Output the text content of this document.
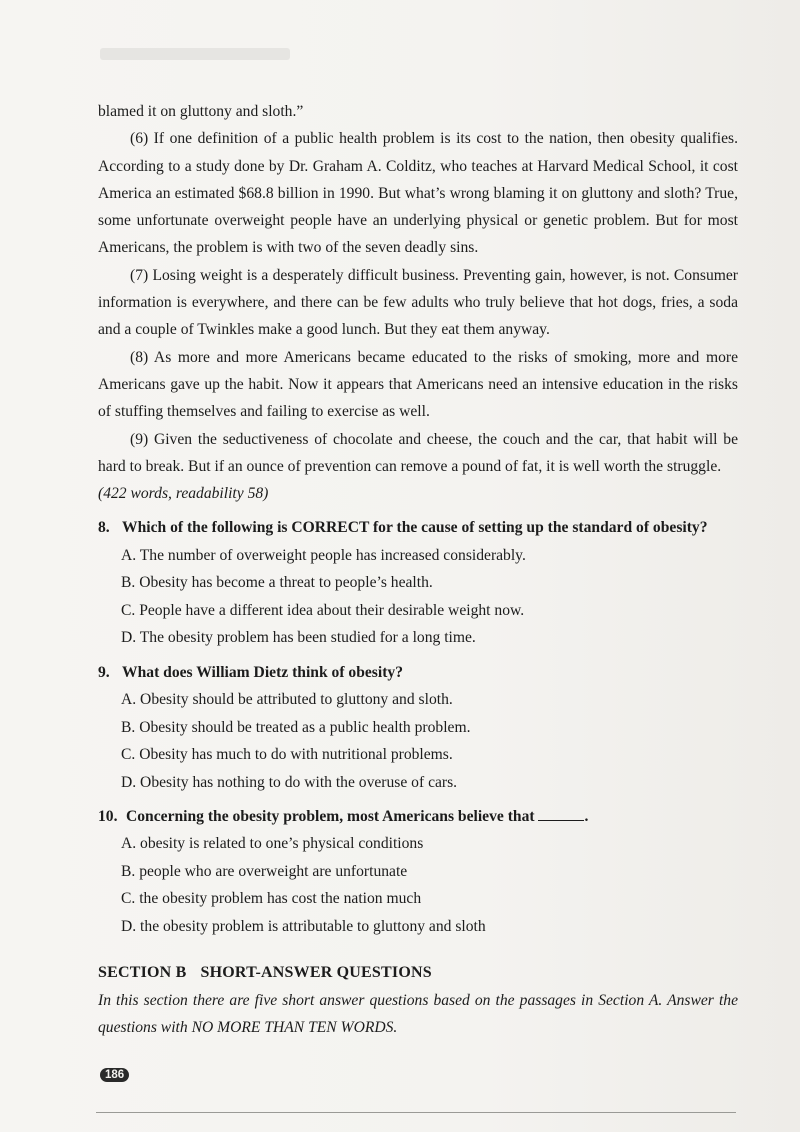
blamed it on gluttony and sloth.”

(6) If one definition of a public health problem is its cost to the nation, then obesity qualifies. According to a study done by Dr. Graham A. Colditz, who teaches at Harvard Medical School, it cost America an estimated $68.8 billion in 1990. But what’s wrong blaming it on gluttony and sloth? True, some unfortunate overweight people have an underlying physical or genetic problem. But for most Americans, the problem is with two of the seven deadly sins.

(7) Losing weight is a desperately difficult business. Preventing gain, however, is not. Consumer information is everywhere, and there can be few adults who truly believe that hot dogs, fries, a soda and a couple of Twinkles make a good lunch. But they eat them anyway.

(8) As more and more Americans became educated to the risks of smoking, more and more Americans gave up the habit. Now it appears that Americans need an intensive education in the risks of stuffing themselves and failing to exercise as well.

(9) Given the seductiveness of chocolate and cheese, the couch and the car, that habit will be hard to break. But if an ounce of prevention can remove a pound of fat, it is well worth the struggle.

(422 words, readability 58)

8. Which of the following is CORRECT for the cause of setting up the standard of obesity?
A. The number of overweight people has increased considerably.
B. Obesity has become a threat to people’s health.
C. People have a different idea about their desirable weight now.
D. The obesity problem has been studied for a long time.
9. What does William Dietz think of obesity?
A. Obesity should be attributed to gluttony and sloth.
B. Obesity should be treated as a public health problem.
C. Obesity has much to do with nutritional problems.
D. Obesity has nothing to do with the overuse of cars.
10. Concerning the obesity problem, most Americans believe that	.
A. obesity is related to one’s physical conditions
B. people who are overweight are unfortunate
C. the obesity problem has cost the nation much
D. the obesity problem is attributable to gluttony and sloth
SECTION B SHORT-ANSWER QUESTIONS

In this section there are five short answer questions based on the passages in Section A. Answer the questions with NO MORE THAN TEN WORDS.

186
